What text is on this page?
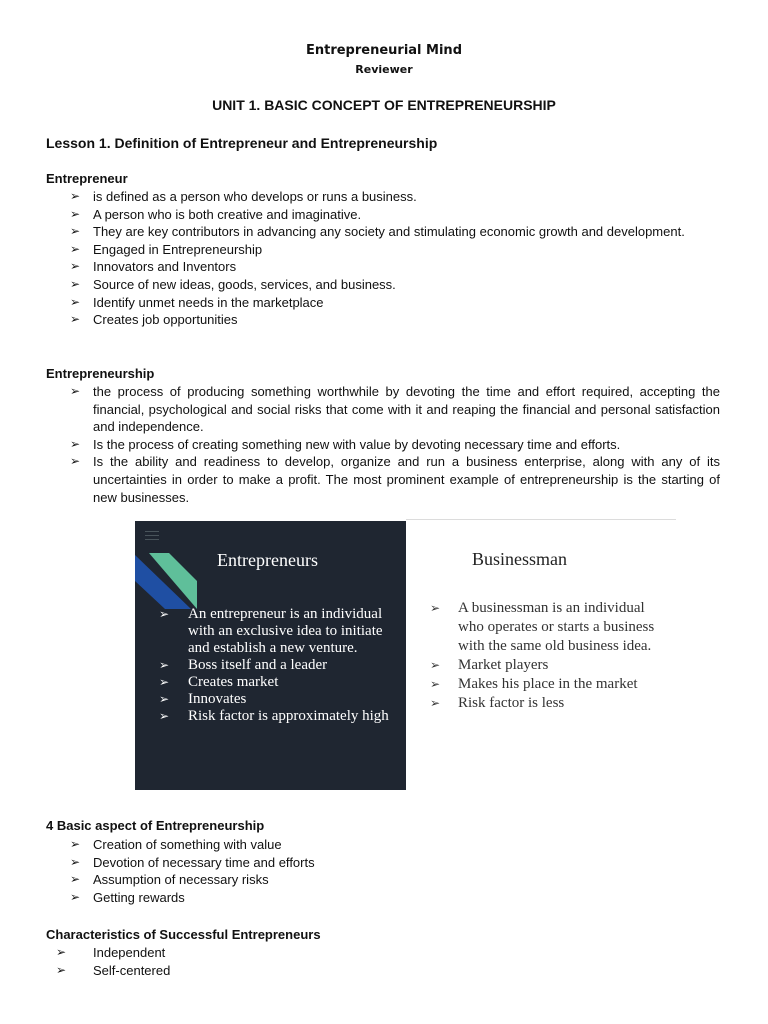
Entrepreneurial Mind
Reviewer
UNIT 1. BASIC CONCEPT OF ENTREPRENEURSHIP
Lesson 1. Definition of Entrepreneur and Entrepreneurship
Entrepreneur
➢ is defined as a person who develops or runs a business.
➢ A person who is both creative and imaginative.
➢ They are key contributors in advancing any society and stimulating economic growth and development.
➢ Engaged in Entrepreneurship
➢ Innovators and Inventors
➢ Source of new ideas, goods, services, and business.
➢ Identify unmet needs in the marketplace
➢ Creates job opportunities
Entrepreneurship
➢ the process of producing something worthwhile by devoting the time and effort required, accepting the financial, psychological and social risks that come with it and reaping the financial and personal satisfaction and independence.
➢ Is the process of creating something new with value by devoting necessary time and efforts.
➢ Is the ability and readiness to develop, organize and run a business enterprise, along with any of its uncertainties in order to make a profit. The most prominent example of entrepreneurship is the starting of new businesses.
Entrepreneurs
➢ An entrepreneur is an individual with an exclusive idea to initiate and establish a new venture.
➢ Boss itself and a leader
➢ Creates market
➢ Innovates
➢ Risk factor is approximately high
Businessman
➢ A businessman is an individual who operates or starts a business with the same old business idea.
➢ Market players
➢ Makes his place in the market
➢ Risk factor is less
4 Basic aspect of Entrepreneurship
➢ Creation of something with value
➢ Devotion of necessary time and efforts
➢ Assumption of necessary risks
➢ Getting rewards
Characteristics of Successful Entrepreneurs
➢ Independent
➢ Self-centered
